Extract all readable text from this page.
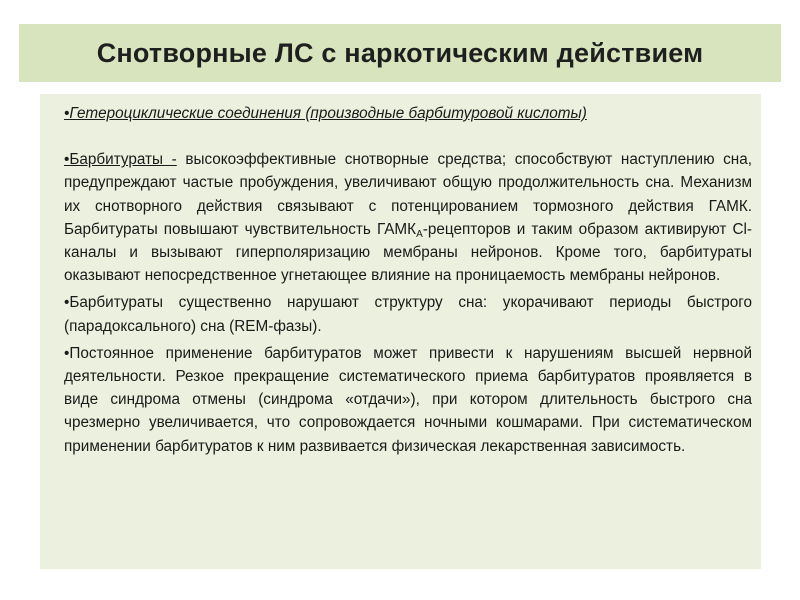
Снотворные ЛС с наркотическим действием

•Гетероциклические соединения (производные барбитуровой кислоты)

•Барбитураты - высокоэффективные снотворные средства; способствуют наступлению сна, предупреждают частые пробуждения, увеличивают общую продолжительность сна. Механизм их снотворного действия связывают с потенцированием тормозного действия ГАМК. Барбитураты повышают чувствительность $ГАМК_А$-рецепторов и таким образом активируют Cl-каналы и вызывают гиперполяризацию мембраны нейронов. Кроме того, барбитураты оказывают непосредственное угнетающее влияние на проницаемость мембраны нейронов.

•Барбитураты существенно нарушают структуру сна: укорачивают периоды быстрого (парадоксального) сна (REM-фазы).

•Постоянное применение барбитуратов может привести к нарушениям высшей нервной деятельности. Резкое прекращение систематического приема барбитуратов проявляется в виде синдрома отмены (синдрома «отдачи»), при котором длительность быстрого сна чрезмерно увеличивается, что сопровождается ночными кошмарами. При систематическом применении барбитуратов к ним развивается физическая лекарственная зависимость.
